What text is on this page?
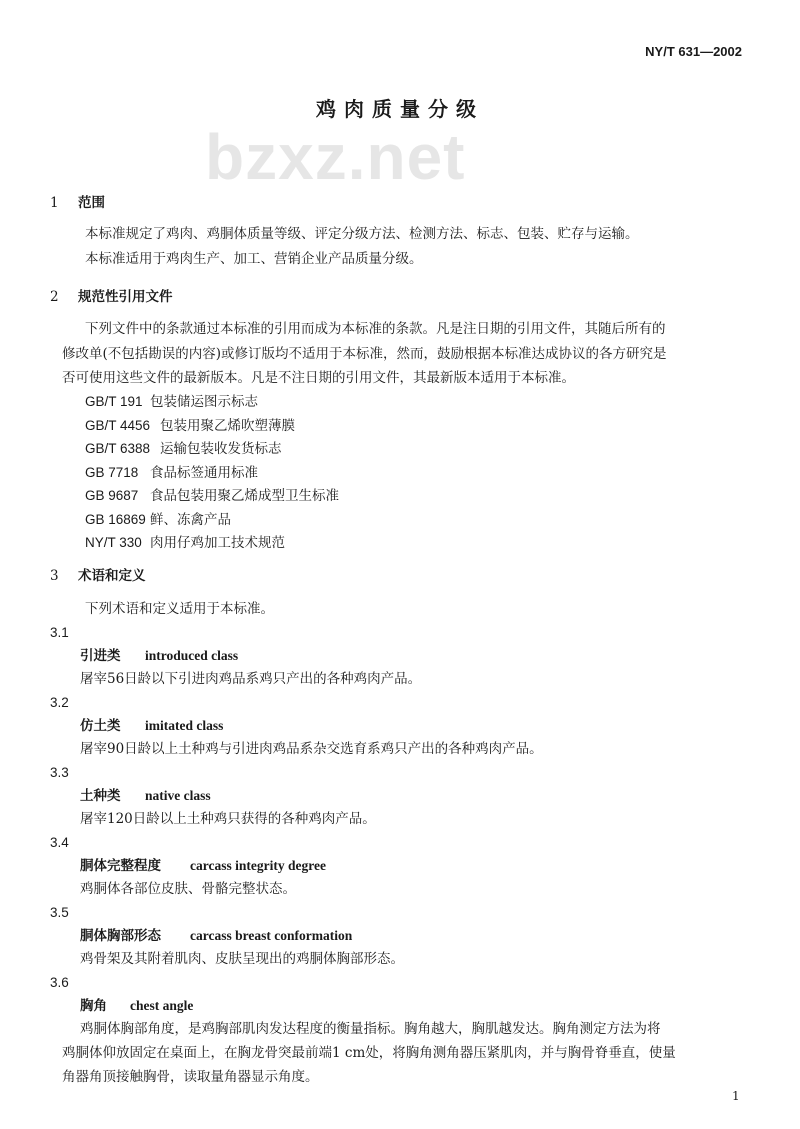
NY/T 631—2002
鸡肉质量分级
bzxz.net
1 范围
本标准规定了鸡肉、鸡胴体质量等级、评定分级方法、检测方法、标志、包装、贮存与运输。
本标准适用于鸡肉生产、加工、营销企业产品质量分级。
2 规范性引用文件
下列文件中的条款通过本标准的引用而成为本标准的条款。凡是注日期的引用文件，其随后所有的
修改单(不包括勘误的内容)或修订版均不适用于本标准，然而，鼓励根据本标准达成协议的各方研究是
否可使用这些文件的最新版本。凡是不注日期的引用文件，其最新版本适用于本标准。
GB/T 191 包装储运图示标志
GB/T 4456 包装用聚乙烯吹塑薄膜
GB/T 6388 运输包装收发货标志
GB 7718 食品标签通用标准
GB 9687 食品包装用聚乙烯成型卫生标准
GB 16869 鲜、冻禽产品
NY/T 330 肉用仔鸡加工技术规范
3 术语和定义
下列术语和定义适用于本标准。
3.1
引进类 introduced class
屠宰56日龄以下引进肉鸡品系鸡只产出的各种鸡肉产品。
3.2
仿土类 imitated class
屠宰90日龄以上土种鸡与引进肉鸡品系杂交选育系鸡只产出的各种鸡肉产品。
3.3
土种类 native class
屠宰120日龄以上土种鸡只获得的各种鸡肉产品。
3.4
胴体完整程度 carcass integrity degree
鸡胴体各部位皮肤、骨骼完整状态。
3.5
胴体胸部形态 carcass breast conformation
鸡骨架及其附着肌肉、皮肤呈现出的鸡胴体胸部形态。
3.6
胸角 chest angle
鸡胴体胸部角度，是鸡胸部肌肉发达程度的衡量指标。胸角越大，胸肌越发达。胸角测定方法为将
鸡胴体仰放固定在桌面上，在胸龙骨突最前端1 cm处，将胸角测角器压紧肌肉，并与胸骨脊垂直，使量
角器角顶接触胸骨，读取量角器显示角度。
1
